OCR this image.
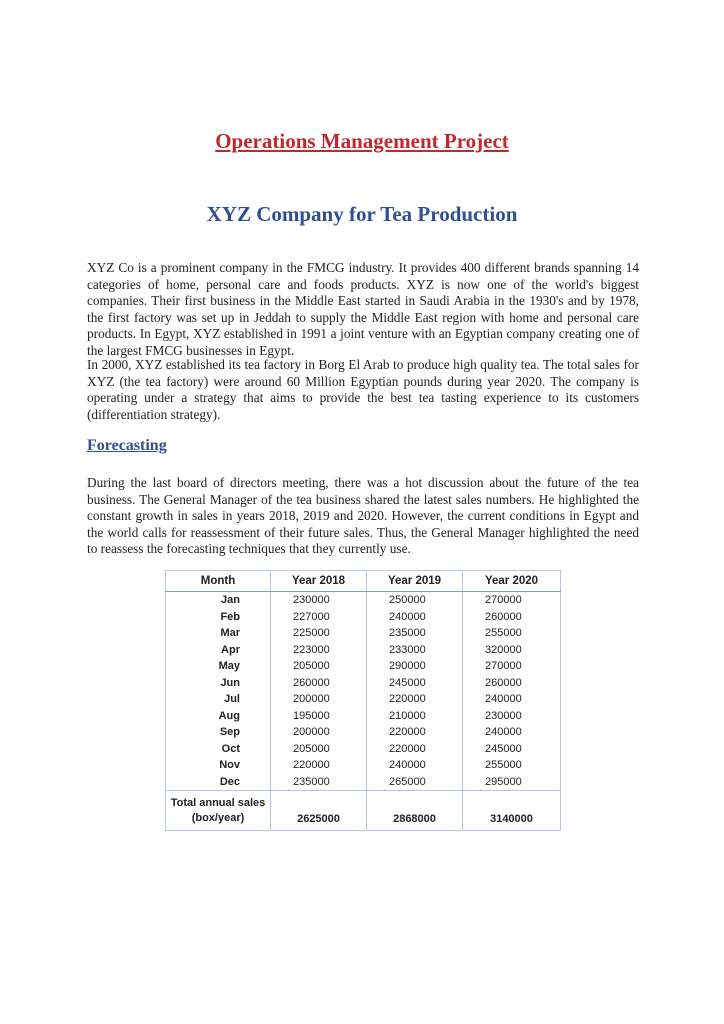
Operations Management Project
XYZ Company for Tea Production

XYZ Co is a prominent company in the FMCG industry. It provides 400 different brands spanning 14 categories of home, personal care and foods products. XYZ is now one of the world's biggest companies. Their first business in the Middle East started in Saudi Arabia in the 1930's and by 1978, the first factory was set up in Jeddah to supply the Middle East region with home and personal care products. In Egypt, XYZ established in 1991 a joint venture with an Egyptian company creating one of the largest FMCG businesses in Egypt.

In 2000, XYZ established its tea factory in Borg El Arab to produce high quality tea. The total sales for XYZ (the tea factory) were around 60 Million Egyptian pounds during year 2020. The company is operating under a strategy that aims to provide the best tea tasting experience to its customers (differentiation strategy).

Forecasting

During the last board of directors meeting, there was a hot discussion about the future of the tea business. The General Manager of the tea business shared the latest sales numbers. He highlighted the constant growth in sales in years 2018, 2019 and 2020. However, the current conditions in Egypt and the world calls for reassessment of their future sales. Thus, the General Manager highlighted the need to reassess the forecasting techniques that they currently use.

Month	Year 2018	Year 2019	Year 2020
Jan	230000	250000	270000
Feb	227000	240000	260000
Mar	225000	235000	255000
Apr	223000	233000	320000
May	205000	290000	270000
Jun	260000	245000	260000
Jul	200000	220000	240000
Aug	195000	210000	230000
Sep	200000	220000	240000
Oct	205000	220000	245000
Nov	220000	240000	255000
Dec	235000	265000	295000
Total annual sales (box/year)	2625000	2868000	3140000
